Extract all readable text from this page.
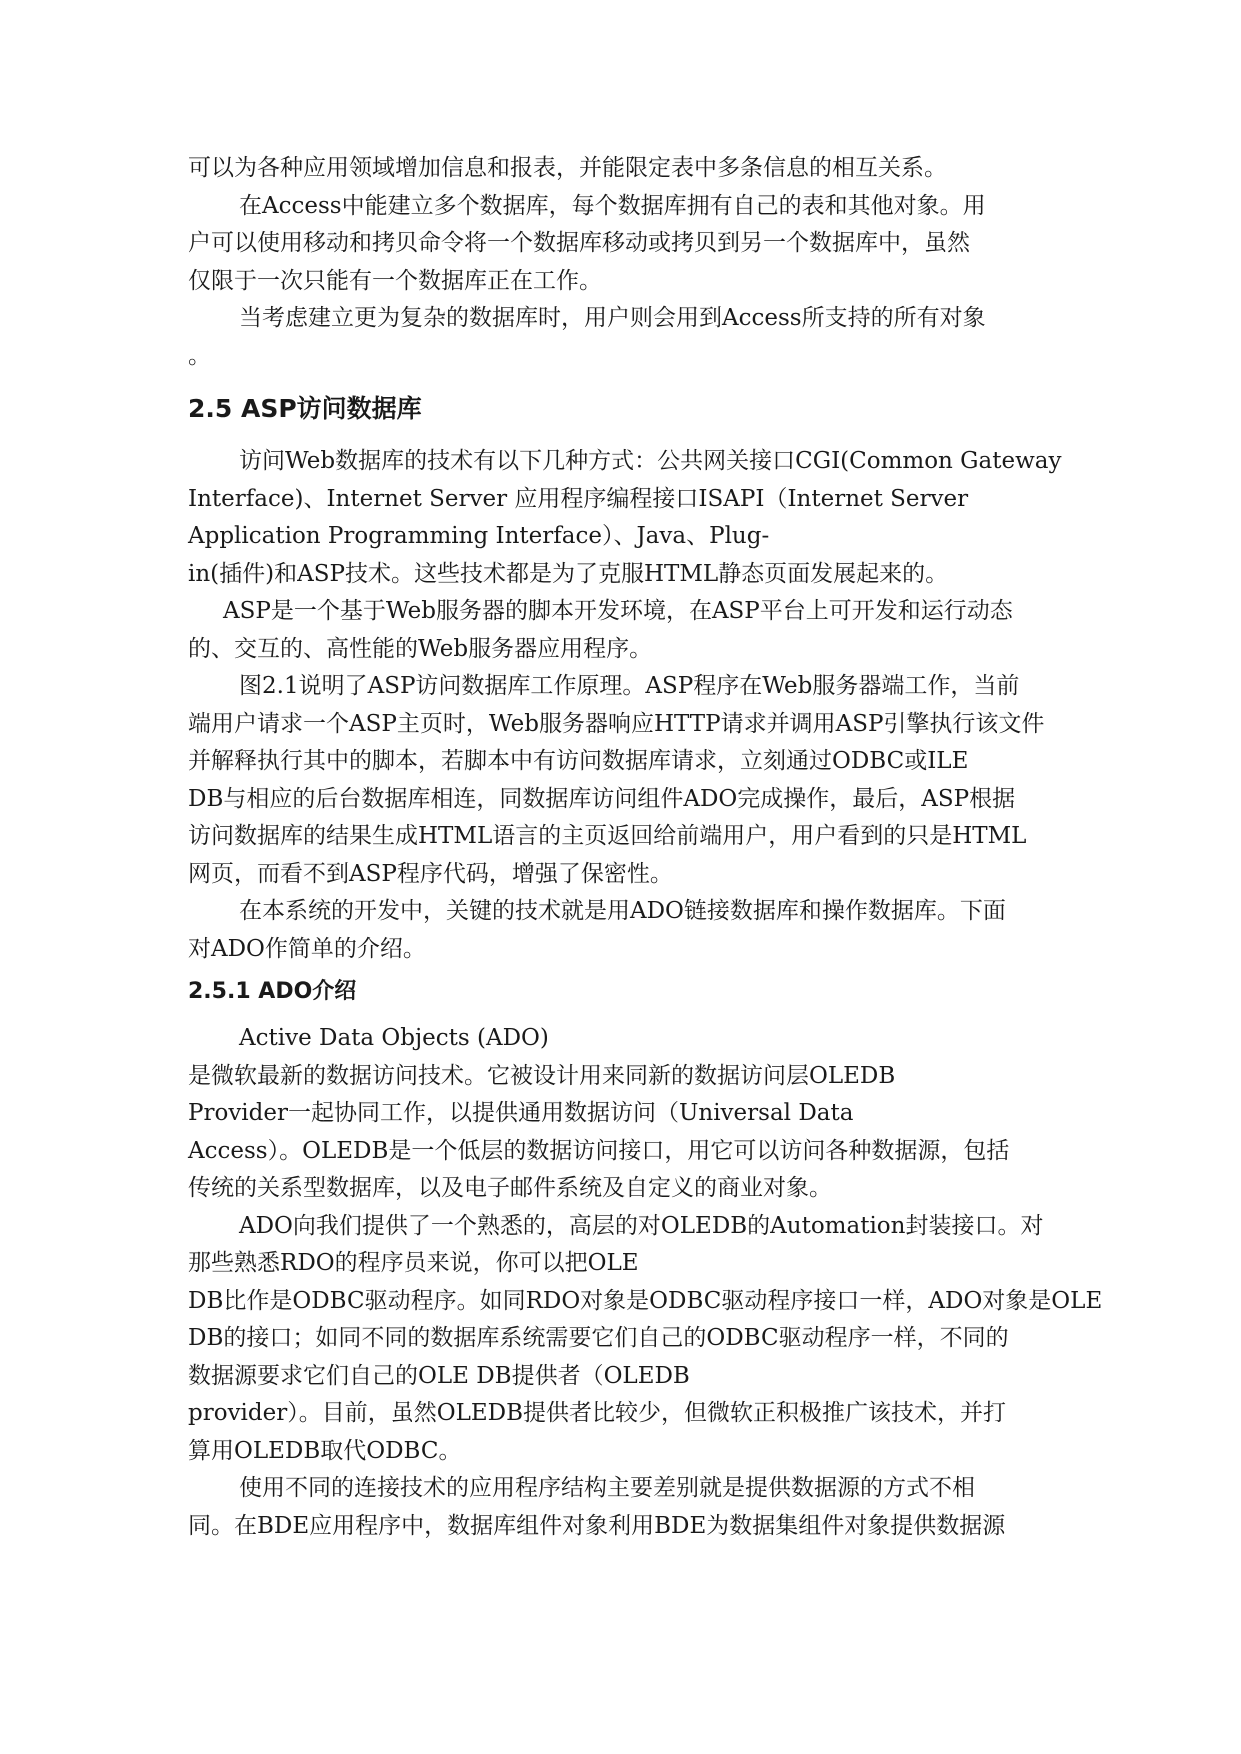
可以为各种应用领域增加信息和报表，并能限定表中多条信息的相互关系。
在Access中能建立多个数据库，每个数据库拥有自己的表和其他对象。用
户可以使用移动和拷贝命令将一个数据库移动或拷贝到另一个数据库中，虽然
仅限于一次只能有一个数据库正在工作。
当考虑建立更为复杂的数据库时，用户则会用到Access所支持的所有对象
。
2.5 ASP访问数据库
访问Web数据库的技术有以下几种方式：公共网关接口CGI(Common Gateway
Interface)、Internet Server 应用程序编程接口ISAPI（Internet Server
Application Programming Interface）、Java、Plug-
in(插件)和ASP技术。这些技术都是为了克服HTML静态页面发展起来的。
ASP是一个基于Web服务器的脚本开发环境，在ASP平台上可开发和运行动态
的、交互的、高性能的Web服务器应用程序。
图2.1说明了ASP访问数据库工作原理。ASP程序在Web服务器端工作，当前
端用户请求一个ASP主页时，Web服务器响应HTTP请求并调用ASP引擎执行该文件
并解释执行其中的脚本，若脚本中有访问数据库请求，立刻通过ODBC或ILE
DB与相应的后台数据库相连，同数据库访问组件ADO完成操作，最后，ASP根据
访问数据库的结果生成HTML语言的主页返回给前端用户，用户看到的只是HTML
网页，而看不到ASP程序代码，增强了保密性。
在本系统的开发中，关键的技术就是用ADO链接数据库和操作数据库。下面
对ADO作简单的介绍。
2.5.1 ADO介绍
Active Data Objects (ADO)
是微软最新的数据访问技术。它被设计用来同新的数据访问层OLEDB
Provider一起协同工作，以提供通用数据访问（Universal Data
Access）。OLEDB是一个低层的数据访问接口，用它可以访问各种数据源，包括
传统的关系型数据库，以及电子邮件系统及自定义的商业对象。
ADO向我们提供了一个熟悉的，高层的对OLEDB的Automation封装接口。对
那些熟悉RDO的程序员来说，你可以把OLE
DB比作是ODBC驱动程序。如同RDO对象是ODBC驱动程序接口一样，ADO对象是OLE
DB的接口；如同不同的数据库系统需要它们自己的ODBC驱动程序一样，不同的
数据源要求它们自己的OLE DB提供者（OLEDB
provider）。目前，虽然OLEDB提供者比较少，但微软正积极推广该技术，并打
算用OLEDB取代ODBC。
使用不同的连接技术的应用程序结构主要差别就是提供数据源的方式不相
同。在BDE应用程序中，数据库组件对象利用BDE为数据集组件对象提供数据源
